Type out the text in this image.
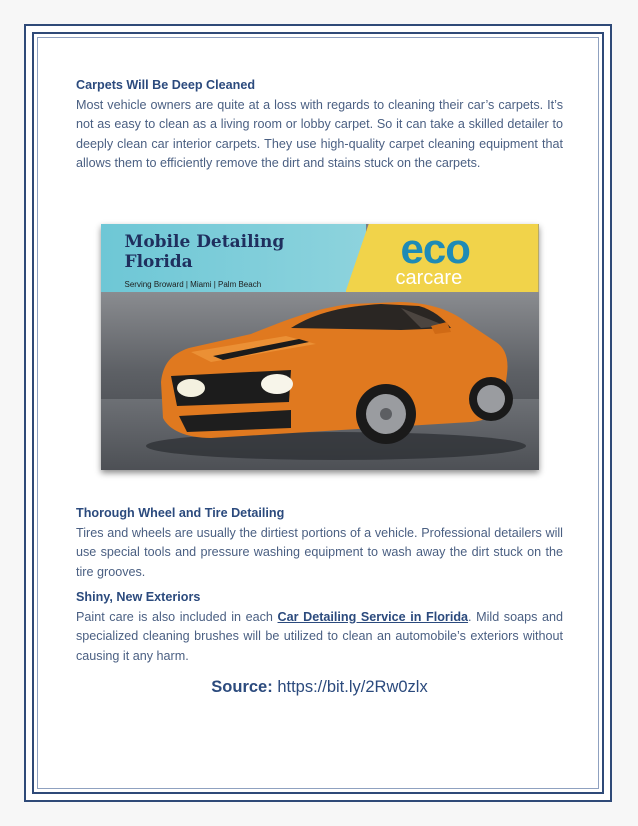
Carpets Will Be Deep Cleaned

Most vehicle owners are quite at a loss with regards to cleaning their car’s carpets. It’s not as easy to clean as a living room or lobby carpet. So it can take a skilled detailer to deeply clean car interior carpets. They use high-quality carpet cleaning equipment that allows them to efficiently remove the dirt and stains stuck on the carpets.

Mobile Detailing
Florida
Serving Broward | Miami | Palm Beach
eco
carcare
Thorough Wheel and Tire Detailing

Tires and wheels are usually the dirtiest portions of a vehicle. Professional detailers will use special tools and pressure washing equipment to wash away the dirt stuck on the tire grooves.

Shiny, New Exteriors

Paint care is also included in each Car Detailing Service in Florida. Mild soaps and specialized cleaning brushes will be utilized to clean an automobile’s exteriors without causing it any harm.

Source: https://bit.ly/2Rw0zlx
